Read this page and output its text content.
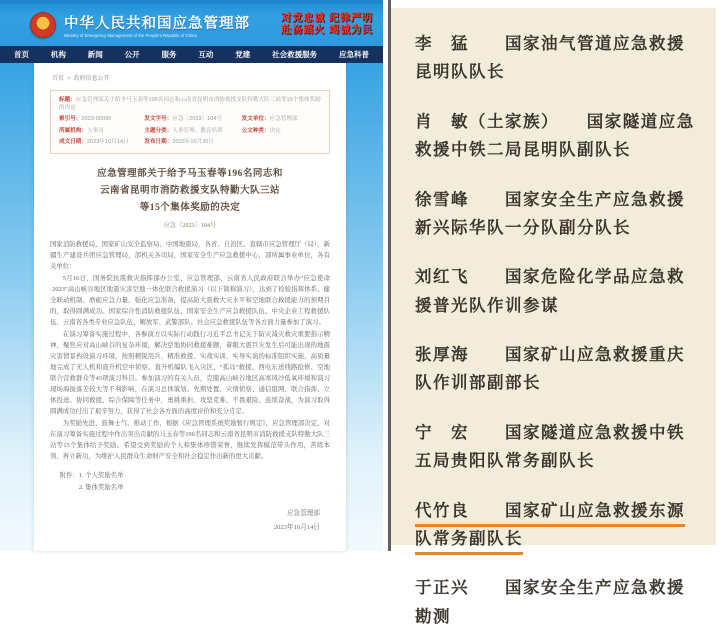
★	中华人民共和国应急管理部
Ministry of Emergency Management of the People's Republic of China
对党忠诚 纪律严明
赴汤蹈火 竭诚为民
首页	机构	新闻	公开	服务	互动	党建	社会救援服务	应急科普
首页 > 政府信息公开
标题：应急管理部关于给予马玉春等196名同志和云南省昆明市消防救援支队特勤大队三站等15个集体奖励的决定
索引号：2023-00095	发文字号：应急〔2023〕104号	发文单位：应急管理部
所属机构：人事司	主题分类：人事管理、教育培训	公文种类：决定
成文日期：2023年10月14日	发布日期：2023年10月20日
应急管理部关于给予马玉春等196名同志和
云南省昆明市消防救援支队特勤大队三站
等15个集体奖励的决定
应急〔2023〕104号

国家消防救援局、国家矿山安全监察局、中国地震局，各省、自治区、直辖市应急管理厅（局），新疆生产建设兵团应急管理局，部机关各司局，国家安全生产应急救援中心，部所属事业单位，各有关单位：

5月16日，国务院抗震救灾指挥部办公室、应急管理部、云南省人民政府联合举办“应急使命·2023”高山峡谷地区地震灾害空地一体化联合救援演习（以下简称演习），达到了检验指挥体系、健全联动机制、磨砺应急力量、强化应急准备，提高防大震救大灾水平和空地联合救援能力的预期目的，取得圆满成功。国家综合性消防救援队伍、国家安全生产应急救援队伍、中央企业工程救援队伍、云南省各类专业应急队伍、解放军、武警部队、社会应急救援队伍等各方面力量参加了演习。

在演习筹备实施过程中，各参演方以实际行动践行习近平总书记关于防灾减灾救灾重要指示精神，聚焦应对高山峡谷的复杂环境，解决空地协同救援难题，着眼大震巨灾发生后可能出现的地震灾害情景构设演习环境，按照精锐用兵、精准救援、实战实训、实导实演的标准组织实施，高质量地完成了无人机和直升机空中侦察、直升机编队飞入灾区、“孤岛”救援、西电东送线路抢修、空地联合营救群众等43项演习科目。参加演习的有关人员，克服高山峡谷地区高寒风沙低氧环境和演习现场海拔落差较大等不利影响，在演习总体策划、先期处置、灾情侦察、通信组网、联合指挥、立体投送、协同救援、综合保障等任务中，勇挑重担、攻坚克难、不畏艰险、连续奋战，为演习取得圆满成功付出了艰辛努力，获得了社会各方面的高度评价和充分肯定。

为奖励先进、鼓舞士气、推动工作，根据《应急管理系统奖励暂行规定》，应急管理部决定，对在演习筹备实施过程中作出突出贡献的马玉春等196名同志和云南省昆明市消防救援支队特勤大队三站等15个集体给予奖励。希望受到奖励的个人和集体珍惜荣誉，继续发挥模范带头作用，苦练本领、再立新功，为维护人民群众生命财产安全和社会稳定作出新的更大贡献。

附件：1. 个人奖励名单
2. 集体奖励名单
应急管理部
2023年10月14日
李　猛　　国家油气管道应急救援昆明队队长
肖　敏（土家族）　　国家隧道应急救援中铁二局昆明队副队长
徐雪峰　　国家安全生产应急救援新兴际华队一分队副分队长
刘红飞　　国家危险化学品应急救援普光队作训参谋
张厚海　　国家矿山应急救援重庆队作训部副部长
宁　宏　　国家隧道应急救援中铁五局贵阳队常务副队长
代竹良　　国家矿山应急救援东源队常务副队长
于正兴　　国家安全生产应急救援勘测
